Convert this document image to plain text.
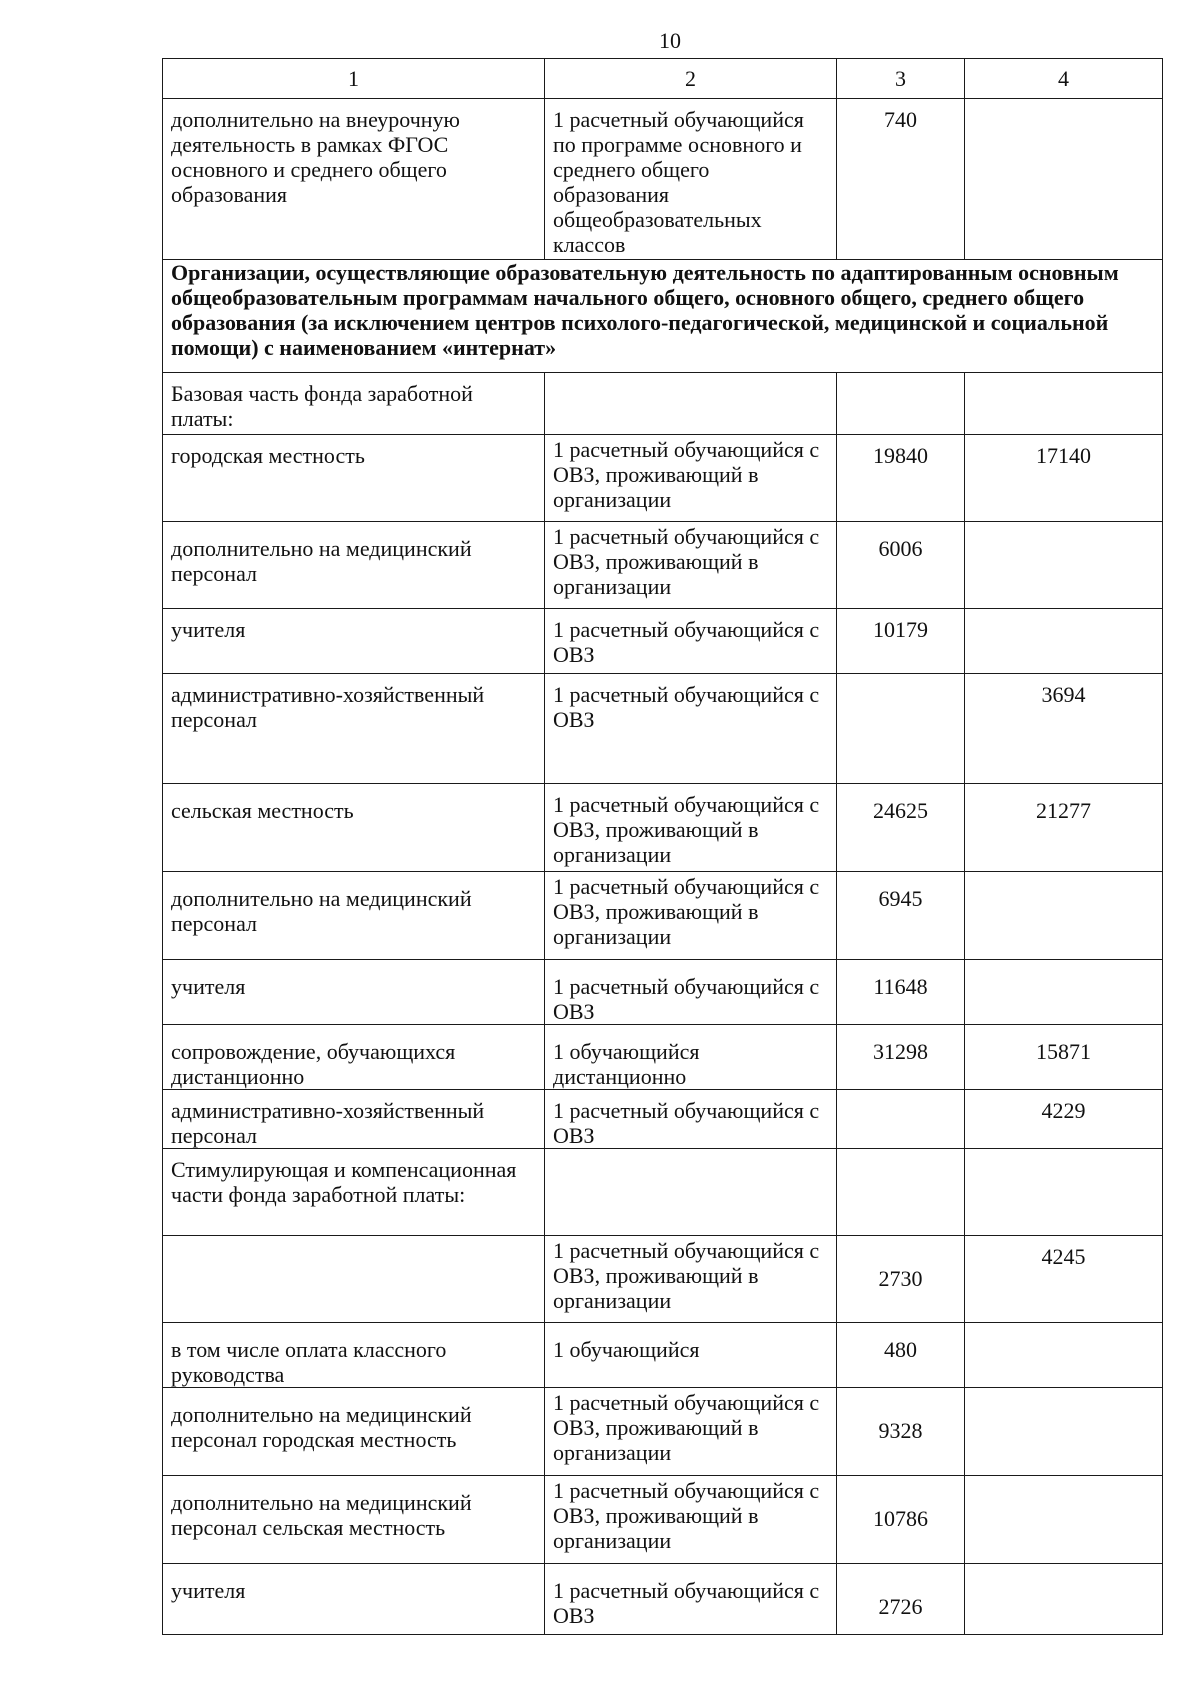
10
1	2	3	4
дополнительно на внеурочную деятельность в рамках ФГОС основного и среднего общего образования	1 расчетный обучающийся по программе основного и среднего общего образования общеобразовательных классов	740	
Организации, осуществляющие образовательную деятельность по адаптированным основным общеобразовательным программам начального общего, основного общего, среднего общего образования (за исключением центров психолого-педагогической, медицинской и социальной помощи) с наименованием «интернат»			
Базовая часть фонда заработной платы:			
городская местность	1 расчетный обучающийся с ОВЗ, проживающий в организации	19840	17140
дополнительно на медицинский персонал	1 расчетный обучающийся с ОВЗ, проживающий в организации	6006	
учителя	1 расчетный обучающийся с ОВЗ	10179	
административно-хозяйственный персонал	1 расчетный обучающийся с ОВЗ		3694
сельская местность	1 расчетный обучающийся с ОВЗ, проживающий в организации	24625	21277
дополнительно на медицинский персонал	1 расчетный обучающийся с ОВЗ, проживающий в организации	6945	
учителя	1 расчетный обучающийся с ОВЗ	11648	
сопровождение, обучающихся дистанционно	1 обучающийся дистанционно	31298	15871
административно-хозяйственный персонал	1 расчетный обучающийся с ОВЗ		4229
Стимулирующая и компенсационная части фонда заработной платы:			
	1 расчетный обучающийся с ОВЗ, проживающий в организации	2730	4245
в том числе оплата классного руководства	1 обучающийся	480	
дополнительно на медицинский персонал городская местность	1 расчетный обучающийся с ОВЗ, проживающий в организации	9328	
дополнительно на медицинский персонал сельская местность	1 расчетный обучающийся с ОВЗ, проживающий в организации	10786	
учителя	1 расчетный обучающийся с ОВЗ	2726	
